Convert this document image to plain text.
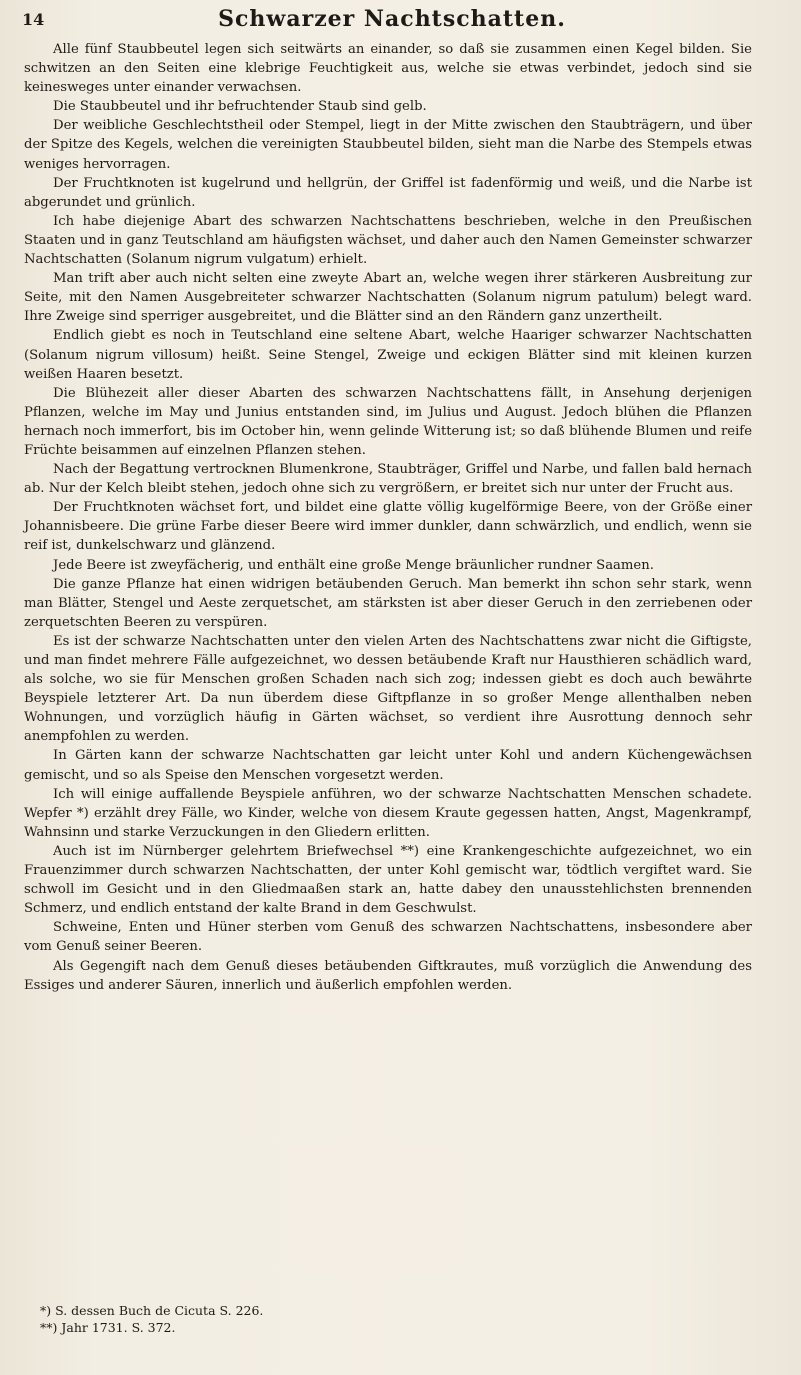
14	Schwarzer Nachtschatten.

Alle fünf Staubbeutel legen sich seitwärts an einander, so daß sie zusammen einen Kegel bilden. Sie schwitzen an den Seiten eine klebrige Feuchtigkeit aus, welche sie etwas verbindet, jedoch sind sie keinesweges unter einander verwachsen.

Die Staubbeutel und ihr befruchtender Staub sind gelb.

Der weibliche Geschlechtstheil oder Stempel, liegt in der Mitte zwischen den Staubträgern, und über der Spitze des Kegels, welchen die vereinigten Staubbeutel bilden, sieht man die Narbe des Stempels etwas weniges hervorragen.

Der Fruchtknoten ist kugelrund und hellgrün, der Griffel ist fadenförmig und weiß, und die Narbe ist abgerundet und grünlich.

Ich habe diejenige Abart des schwarzen Nachtschattens beschrieben, welche in den Preußischen Staaten und in ganz Teutschland am häufigsten wächset, und daher auch den Namen Gemeinster schwarzer Nachtschatten (Solanum nigrum vulgatum) erhielt.

Man trift aber auch nicht selten eine zweyte Abart an, welche wegen ihrer stärkeren Ausbreitung zur Seite, mit den Namen Ausgebreiteter schwarzer Nachtschatten (Solanum nigrum patulum) belegt ward. Ihre Zweige sind sperriger ausgebreitet, und die Blätter sind an den Rändern ganz unzertheilt.

Endlich giebt es noch in Teutschland eine seltene Abart, welche Haariger schwarzer Nachtschatten (Solanum nigrum villosum) heißt. Seine Stengel, Zweige und eckigen Blätter sind mit kleinen kurzen weißen Haaren besetzt.

Die Blühezeit aller dieser Abarten des schwarzen Nachtschattens fällt, in Ansehung derjenigen Pflanzen, welche im May und Junius entstanden sind, im Julius und August. Jedoch blühen die Pflanzen hernach noch immerfort, bis im October hin, wenn gelinde Witterung ist; so daß blühende Blumen und reife Früchte beisammen auf einzelnen Pflanzen stehen.

Nach der Begattung vertrocknen Blumenkrone, Staubträger, Griffel und Narbe, und fallen bald hernach ab. Nur der Kelch bleibt stehen, jedoch ohne sich zu vergrößern, er breitet sich nur unter der Frucht aus.

Der Fruchtknoten wächset fort, und bildet eine glatte völlig kugelförmige Beere, von der Größe einer Johannisbeere. Die grüne Farbe dieser Beere wird immer dunkler, dann schwärzlich, und endlich, wenn sie reif ist, dunkelschwarz und glänzend.

Jede Beere ist zweyfächerig, und enthält eine große Menge bräunlicher rundner Saamen.

Die ganze Pflanze hat einen widrigen betäubenden Geruch. Man bemerkt ihn schon sehr stark, wenn man Blätter, Stengel und Aeste zerquetschet, am stärksten ist aber dieser Geruch in den zerriebenen oder zerquetschten Beeren zu verspüren.

Es ist der schwarze Nachtschatten unter den vielen Arten des Nachtschattens zwar nicht die Giftigste, und man findet mehrere Fälle aufgezeichnet, wo dessen betäubende Kraft nur Hausthieren schädlich ward, als solche, wo sie für Menschen großen Schaden nach sich zog; indessen giebt es doch auch bewährte Beyspiele letzterer Art. Da nun überdem diese Giftpflanze in so großer Menge allenthalben neben Wohnungen, und vorzüglich häufig in Gärten wächset, so verdient ihre Ausrottung dennoch sehr anempfohlen zu werden.

In Gärten kann der schwarze Nachtschatten gar leicht unter Kohl und andern Küchengewächsen gemischt, und so als Speise den Menschen vorgesetzt werden.

Ich will einige auffallende Beyspiele anführen, wo der schwarze Nachtschatten Menschen schadete. Wepfer *) erzählt drey Fälle, wo Kinder, welche von diesem Kraute gegessen hatten, Angst, Magenkrampf, Wahnsinn und starke Verzuckungen in den Gliedern erlitten.

Auch ist im Nürnberger gelehrtem Briefwechsel **) eine Krankengeschichte aufgezeichnet, wo ein Frauenzimmer durch schwarzen Nachtschatten, der unter Kohl gemischt war, tödtlich vergiftet ward. Sie schwoll im Gesicht und in den Gliedmaaßen stark an, hatte dabey den unausstehlichsten brennenden Schmerz, und endlich entstand der kalte Brand in dem Geschwulst.

Schweine, Enten und Hüner sterben vom Genuß des schwarzen Nachtschattens, insbesondere aber vom Genuß seiner Beeren.

Als Gegengift nach dem Genuß dieses betäubenden Giftkrautes, muß vorzüglich die Anwendung des Essiges und anderer Säuren, innerlich und äußerlich empfohlen werden.

*) S. dessen Buch de Cicuta S. 226.

**) Jahr 1731. S. 372.
